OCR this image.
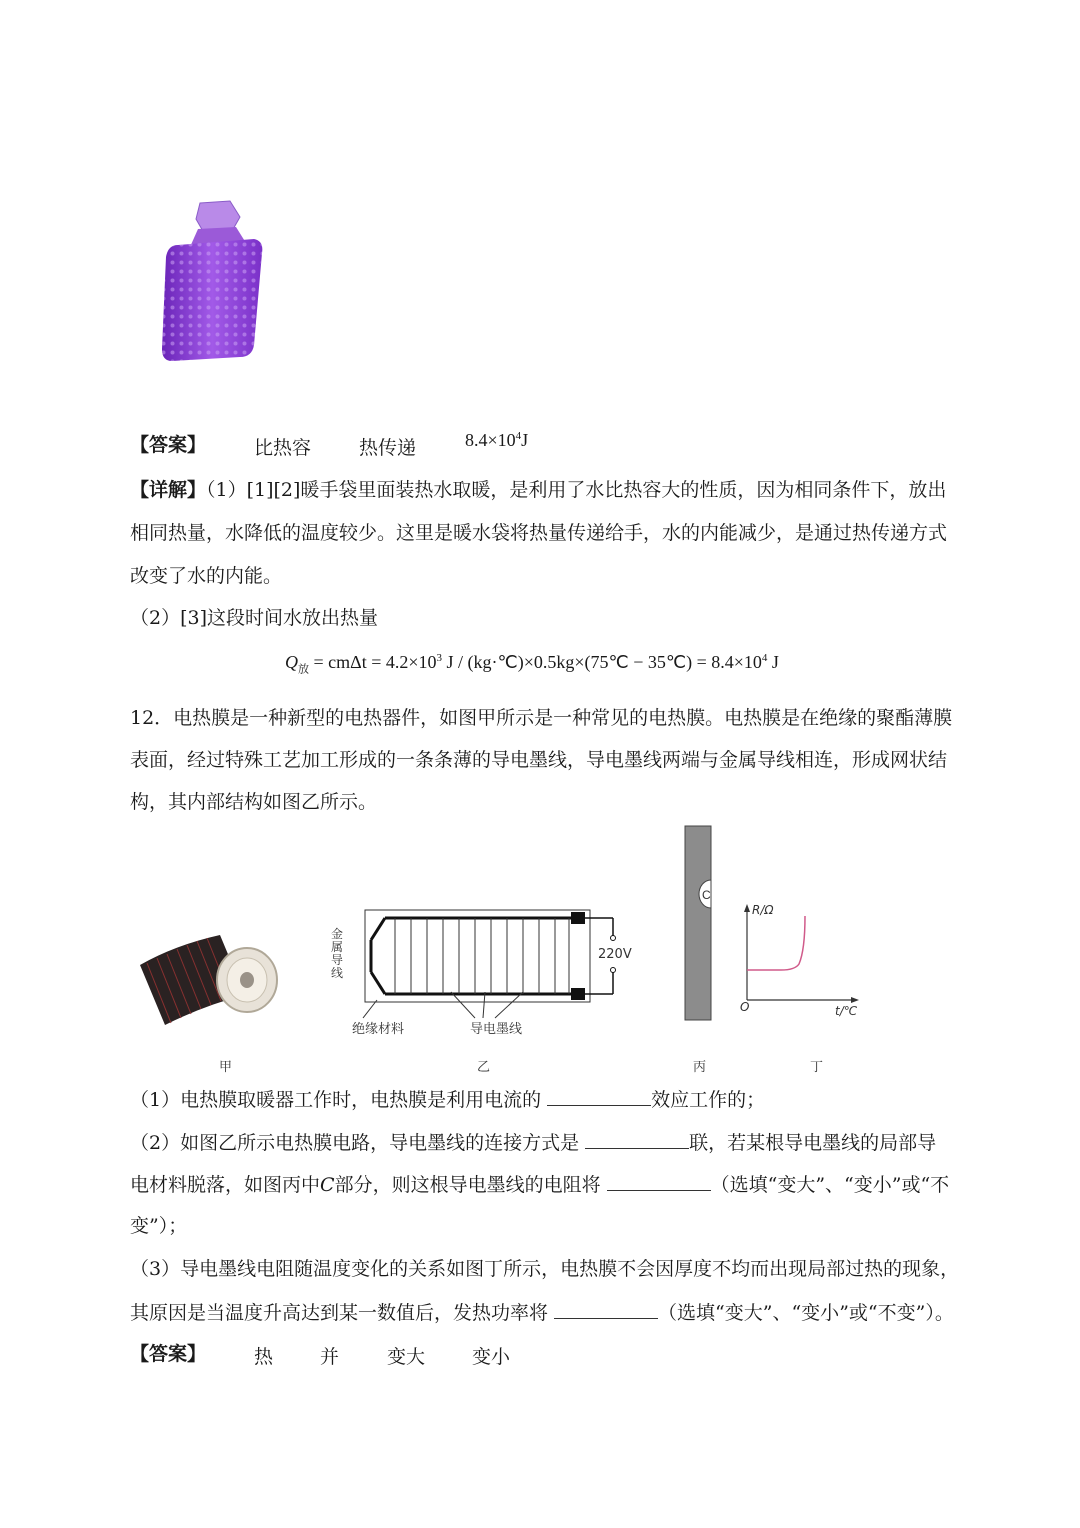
【答案】	比热容	热传递	$8.4\times 10^4J$
【详解】（1）[1][2]暖手袋里面装热水取暖，是利用了水比热容大的性质，因为相同条件下，放出
相同热量，水降低的温度较少。这里是暖水袋将热量传递给手，水的内能减少，是通过热传递方式
改变了水的内能。
（2）[3]这段时间水放出热量
$Q_放 = cm\Delta t = 4.2\times 10^3$ J / (kg·℃)×0.5kg×(75℃ − 35℃) = $8.4\times 10^4$ J
12．电热膜是一种新型的电热器件，如图甲所示是一种常见的电热膜。电热膜是在绝缘的聚酯薄膜
表面，经过特殊工艺加工形成的一条条薄的导电墨线，导电墨线两端与金属导线相连，形成网状结
构，其内部结构如图乙所示。
金属导线
220V
绝缘材料	导电墨线
C
R/Ω
O	t/℃
甲	乙	丙	丁
（1）电热膜取暖器工作时，电热膜是利用电流的	效应工作的；
（2）如图乙所示电热膜电路，导电墨线的连接方式是	联，若某根导电墨线的局部导
电材料脱落，如图丙中C部分，则这根导电墨线的电阻将	（选填“变大”、“变小”或“不
变”）；
（3）导电墨线电阻随温度变化的关系如图丁所示，电热膜不会因厚度不均而出现局部过热的现象，
其原因是当温度升高达到某一数值后，发热功率将	（选填“变大”、“变小”或“不变”）。
【答案】	热 并	变大 变小
